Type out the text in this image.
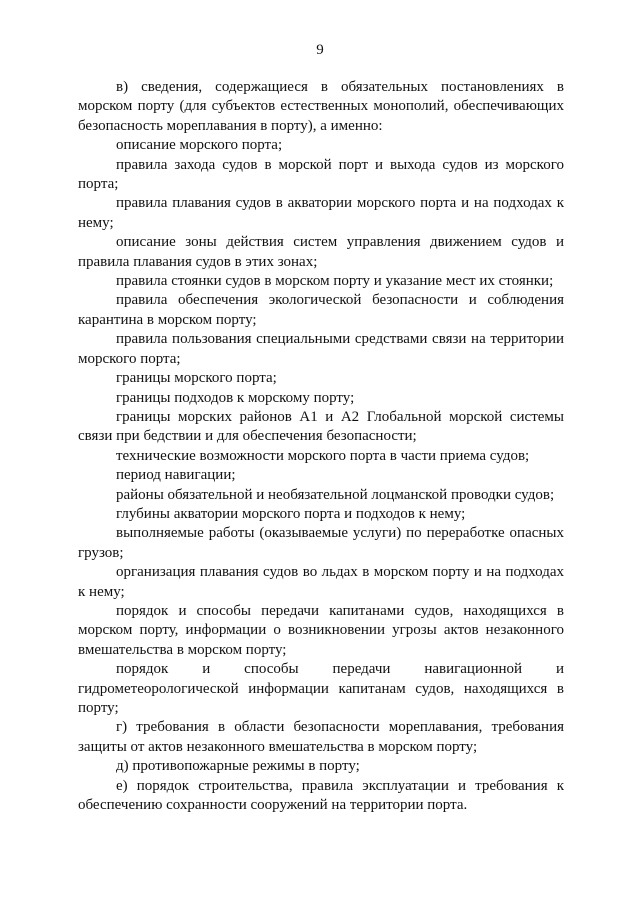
9

в) сведения, содержащиеся в обязательных постановлениях в морском порту (для субъектов естественных монополий, обеспечивающих безопасность мореплавания в порту), а именно:

описание морского порта;

правила захода судов в морской порт и выхода судов из морского порта;

правила плавания судов в акватории морского порта и на подходах к нему;

описание зоны действия систем управления движением судов и правила плавания судов в этих зонах;

правила стоянки судов в морском порту и указание мест их стоянки;

правила обеспечения экологической безопасности и соблюдения карантина в морском порту;

правила пользования специальными средствами связи на территории морского порта;

границы морского порта;

границы подходов к морскому порту;

границы морских районов А1 и А2 Глобальной морской системы связи при бедствии и для обеспечения безопасности;

технические возможности морского порта в части приема судов;

период навигации;

районы обязательной и необязательной лоцманской проводки судов;

глубины акватории морского порта и подходов к нему;

выполняемые работы (оказываемые услуги) по переработке опасных грузов;

организация плавания судов во льдах в морском порту и на подходах к нему;

порядок и способы передачи капитанами судов, находящихся в морском порту, информации о возникновении угрозы актов незаконного вмешательства в морском порту;

порядок и способы передачи навигационной и гидрометеорологической информации капитанам судов, находящихся в порту;

г) требования в области безопасности мореплавания, требования защиты от актов незаконного вмешательства в морском порту;

д) противопожарные режимы в порту;

е) порядок строительства, правила эксплуатации и требования к обеспечению сохранности сооружений на территории порта.
